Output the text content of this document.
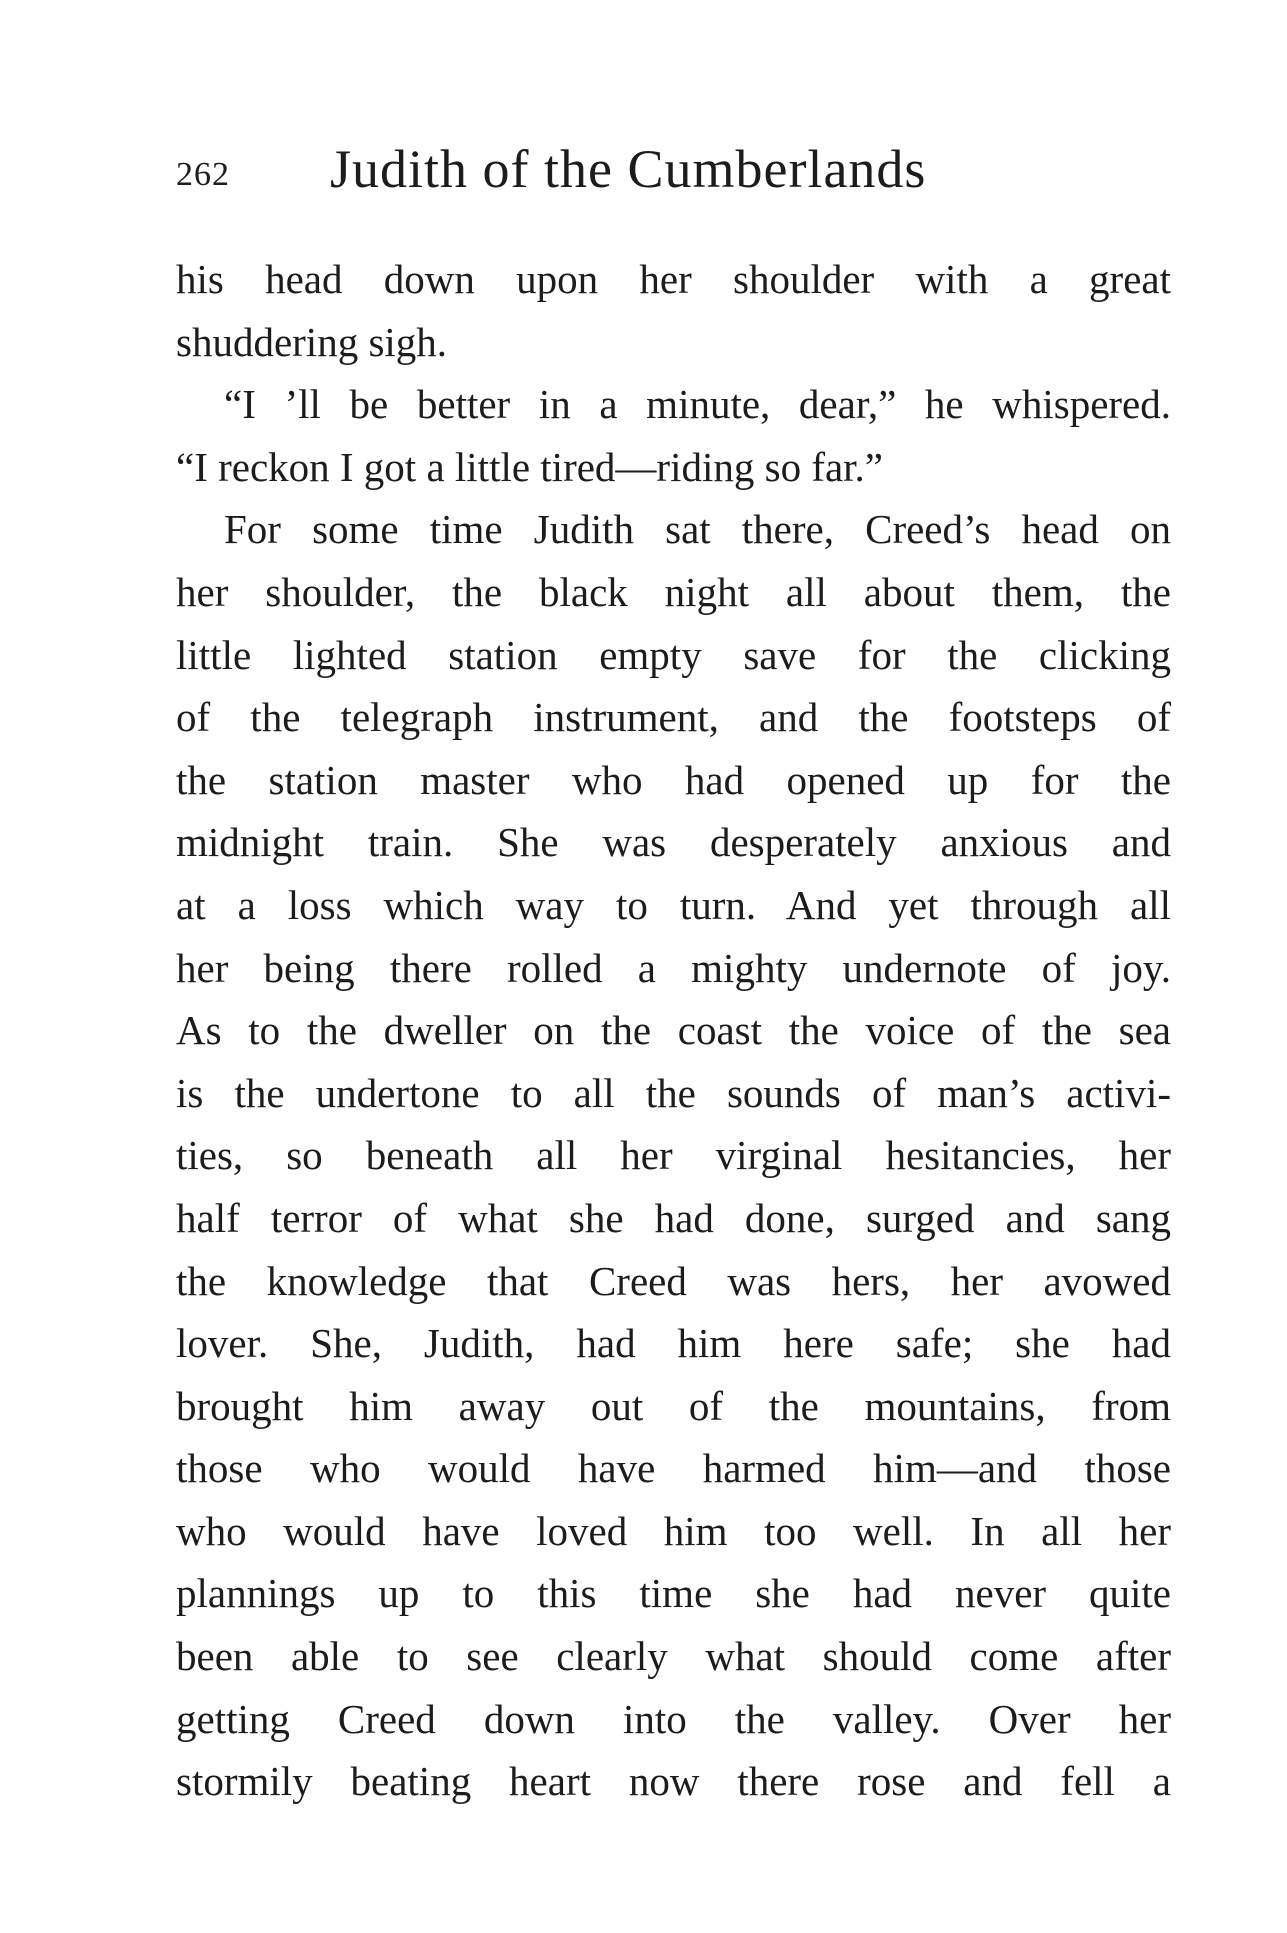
262 Judith of the Cumberlands
his head down upon her shoulder with a great
shuddering sigh.
“I ’ll be better in a minute, dear,” he whispered.
“I reckon I got a little tired—riding so far.”
For some time Judith sat there, Creed’s head on
her shoulder, the black night all about them, the
little lighted station empty save for the clicking
of the telegraph instrument, and the footsteps of
the station master who had opened up for the
midnight train. She was desperately anxious and
at a loss which way to turn. And yet through all
her being there rolled a mighty undernote of joy.
As to the dweller on the coast the voice of the sea
is the undertone to all the sounds of man’s activi-
ties, so beneath all her virginal hesitancies, her
half terror of what she had done, surged and sang
the knowledge that Creed was hers, her avowed
lover. She, Judith, had him here safe; she had
brought him away out of the mountains, from
those who would have harmed him—and those
who would have loved him too well. In all her
plannings up to this time she had never quite
been able to see clearly what should come after
getting Creed down into the valley. Over her
stormily beating heart now there rose and fell a
